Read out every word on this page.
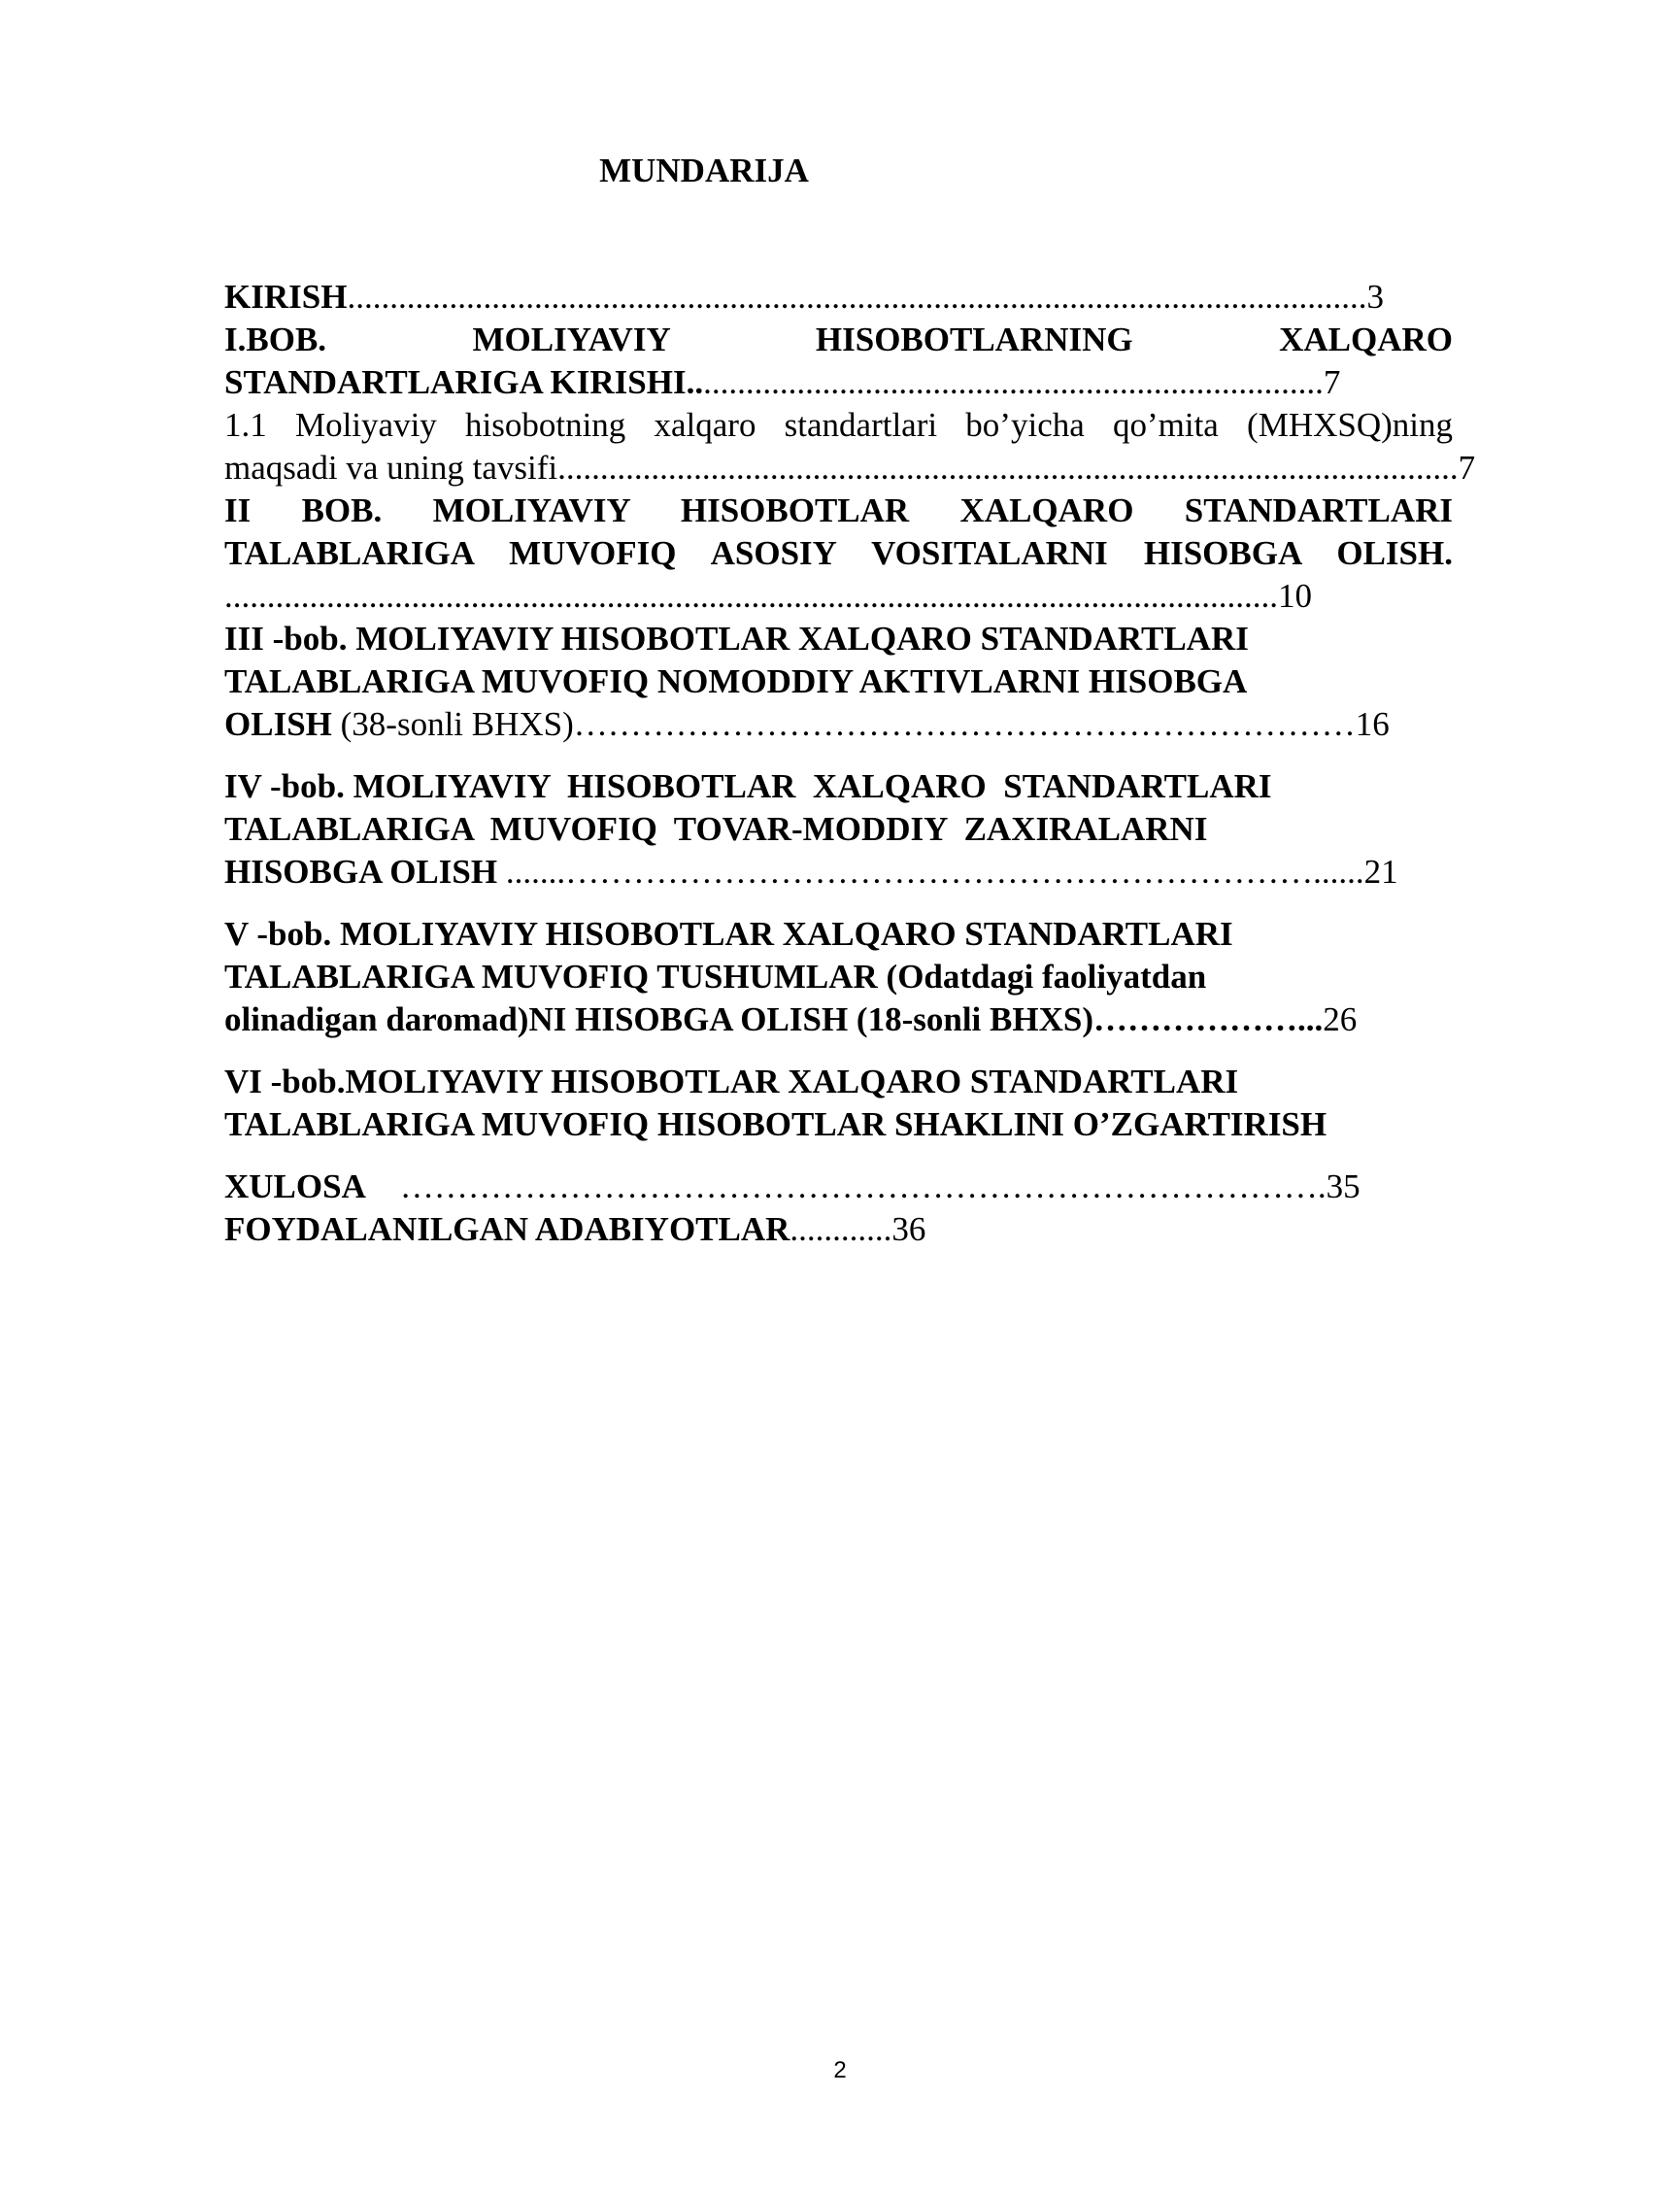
MUNDARIJA

KIRISH........................................................................................................................3

I.BOB. MOLIYAVIY HISOBOTLARNING XALQARO

STANDARTLARIGA KIRISHI...........................................................................7

1.1 Moliyaviy hisobotning xalqaro standartlari bo’yicha qo’mita (MHXSQ)ning

maqsadi va uning tavsifi..........................................................................................................7

II BOB. MOLIYAVIY HISOBOTLAR XALQARO STANDARTLARI

TALABLARIGA MUVOFIQ ASOSIY VOSITALARNI HISOBGA OLISH.

............................................................................................................................10

III -bob. MOLIYAVIY HISOBOTLAR XALQARO STANDARTLARI

TALABLARIGA MUVOFIQ NOMODDIY AKTIVLARNI HISOBGA

OLISH (38-sonli BHXS)……………………………………………………………16

IV -bob. MOLIYAVIY  HISOBOTLAR  XALQARO  STANDARTLARI

TALABLARIGA  MUVOFIQ  TOVAR-MODDIY  ZAXIRALARNI

HISOBGA OLISH .......…………………………………………………………......21

V -bob. MOLIYAVIY HISOBOTLAR XALQARO STANDARTLARI

TALABLARIGA MUVOFIQ TUSHUMLAR (Odatdagi faoliyatdan

olinadigan daromad)NI HISOBGA OLISH (18-sonli BHXS)………………...26

VI -bob.MOLIYAVIY HISOBOTLAR XALQARO STANDARTLARI

TALABLARIGA MUVOFIQ HISOBOTLAR SHAKLINI O’ZGARTIRISH

XULOSA    ……………………………………………………………………….35

FOYDALANILGAN ADABIYOTLAR............36

2
